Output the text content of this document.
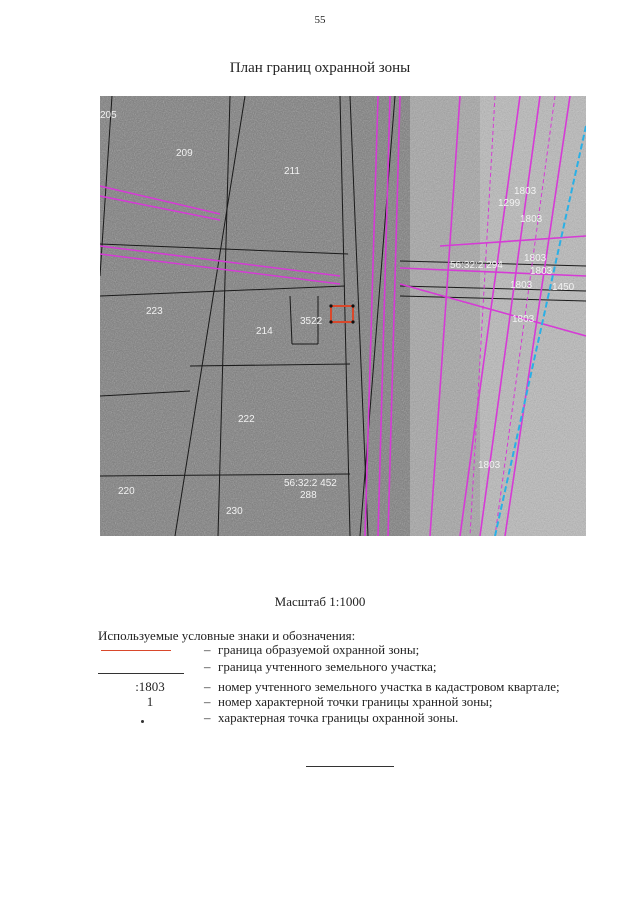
55
План границ охранной зоны
205
209
211
1803
1299
1803
1803
1803
56:32:2 294
1803
1450
223
214
3522	1803
222
1803
220
56:32:2 452
230
288
Масштаб 1:1000
Используемые условные знаки и обозначения:
– граница образуемой охранной зоны;
– граница учтенного земельного участка;
:1803	– номер учтенного земельного участка в кадастровом квартале;
1	– номер характерной точки границы хранной зоны;
– характерная точка границы охранной зоны.
